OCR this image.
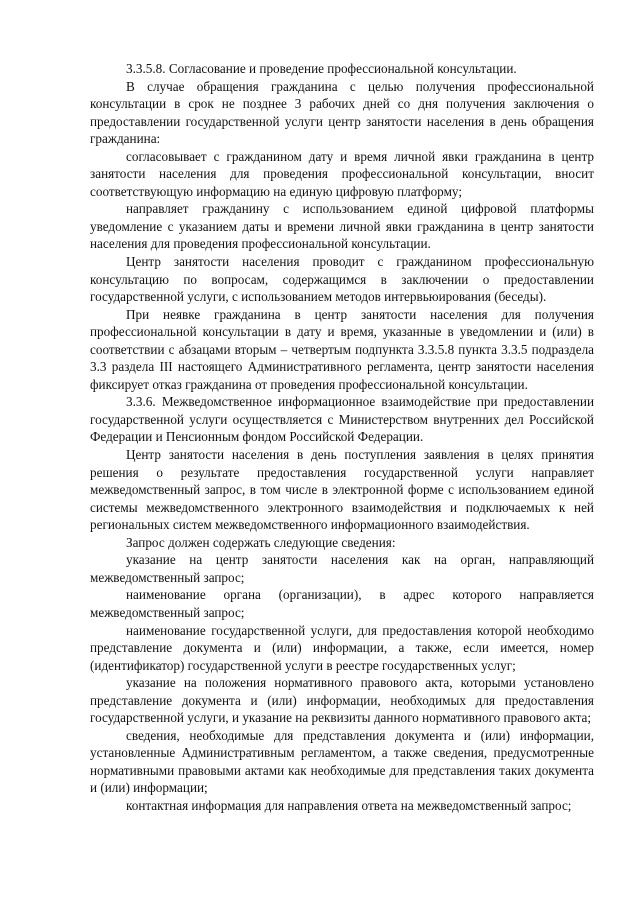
3.3.5.8. Согласование и проведение профессиональной консультации.

В случае обращения гражданина с целью получения профессиональной консультации в срок не позднее 3 рабочих дней со дня получения заключения о предоставлении государственной услуги центр занятости населения в день обращения гражданина:

согласовывает с гражданином дату и время личной явки гражданина в центр занятости населения для проведения профессиональной консультации, вносит соответствующую информацию на единую цифровую платформу;

направляет гражданину с использованием единой цифровой платформы уведомление с указанием даты и времени личной явки гражданина в центр занятости населения для проведения профессиональной консультации.

Центр занятости населения проводит с гражданином профессиональную консультацию по вопросам, содержащимся в заключении о предоставлении государственной услуги, с использованием методов интервьюирования (беседы).

При неявке гражданина в центр занятости населения для получения профессиональной консультации в дату и время, указанные в уведомлении и (или) в соответствии с абзацами вторым – четвертым подпункта 3.3.5.8 пункта 3.3.5 подраздела 3.3 раздела III настоящего Административного регламента, центр занятости населения фиксирует отказ гражданина от проведения профессиональной консультации.

3.3.6. Межведомственное информационное взаимодействие при предоставлении государственной услуги осуществляется с Министерством внутренних дел Российской Федерации и Пенсионным фондом Российской Федерации.

Центр занятости населения в день поступления заявления в целях принятия решения о результате предоставления государственной услуги направляет межведомственный запрос, в том числе в электронной форме с использованием единой системы межведомственного электронного взаимодействия и подключаемых к ней региональных систем межведомственного информационного взаимодействия.

Запрос должен содержать следующие сведения:

указание на центр занятости населения как на орган, направляющий межведомственный запрос;

наименование органа (организации), в адрес которого направляется межведомственный запрос;

наименование государственной услуги, для предоставления которой необходимо представление документа и (или) информации, а также, если имеется, номер (идентификатор) государственной услуги в реестре государственных услуг;

указание на положения нормативного правового акта, которыми установлено представление документа и (или) информации, необходимых для предоставления государственной услуги, и указание на реквизиты данного нормативного правового акта;

сведения, необходимые для представления документа и (или) информации, установленные Административным регламентом, а также сведения, предусмотренные нормативными правовыми актами как необходимые для представления таких документа и (или) информации;

контактная информация для направления ответа на межведомственный запрос;
